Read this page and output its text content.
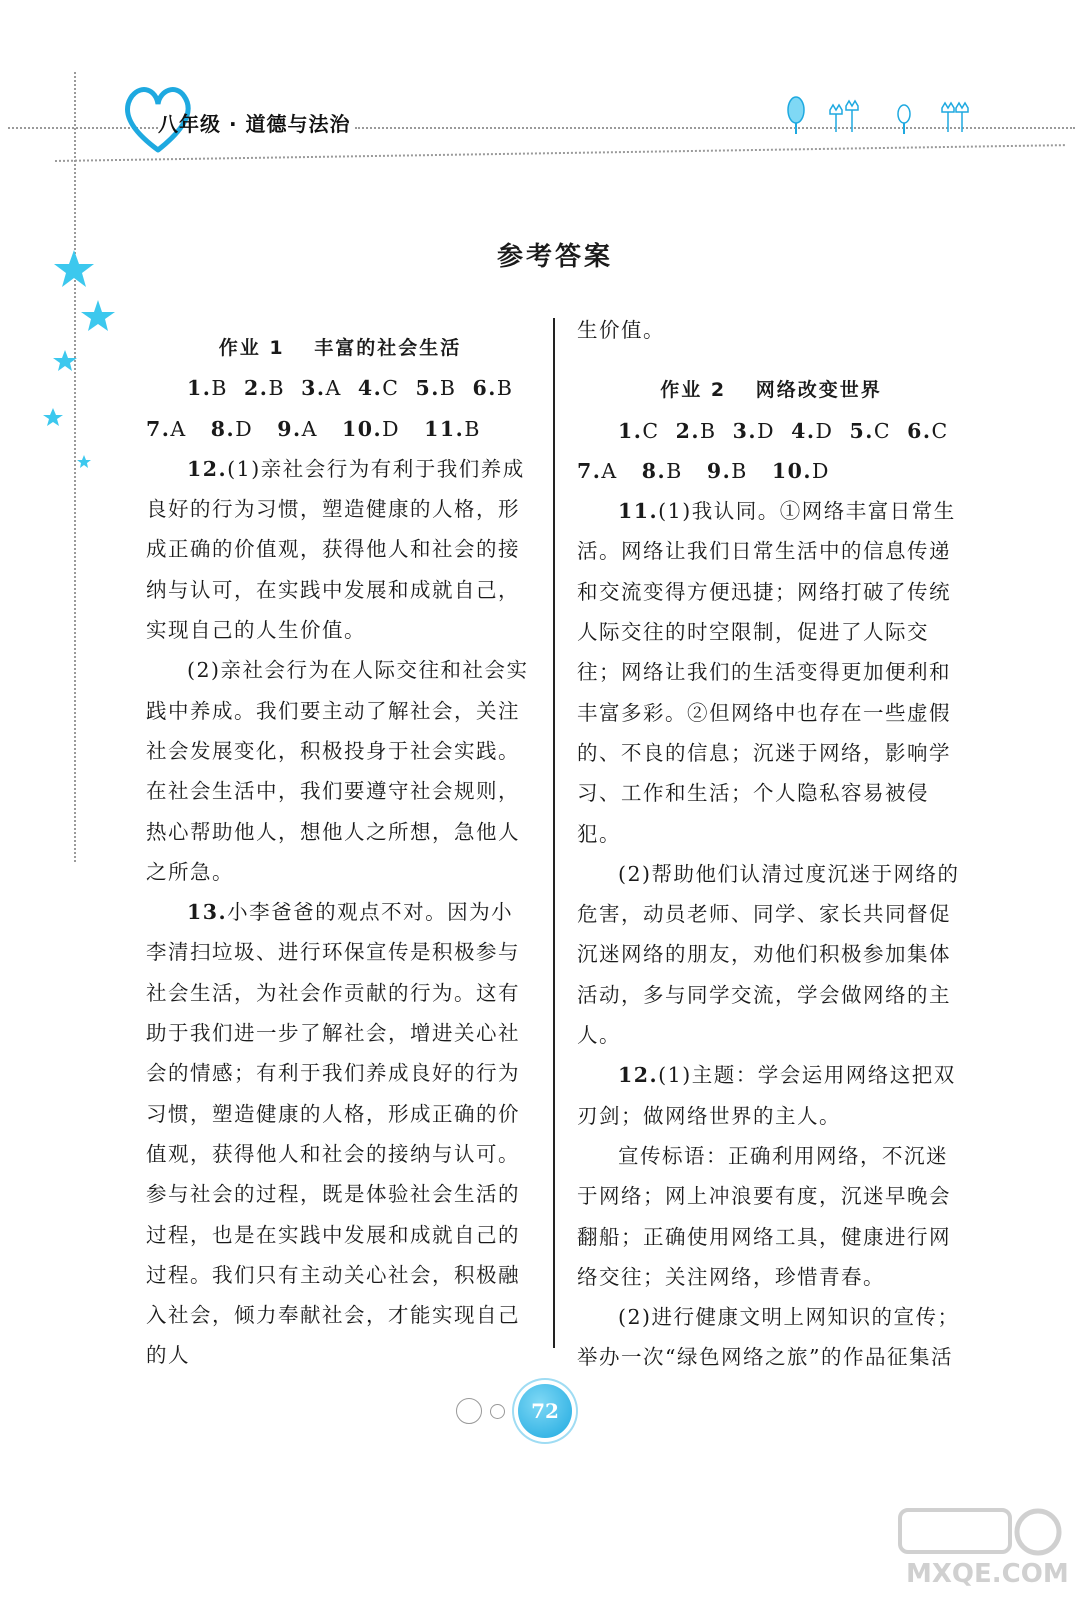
八年级 · 道德与法治
参考答案

作业 1　 丰富的社会生活

1.B 2.B 3.A 4.C 5.B 6.B

7.A 8.D 9.A 10.D 11.B

12.(1)亲社会行为有利于我们养成良好的行为习惯，塑造健康的人格，形成正确的价值观，获得他人和社会的接纳与认可，在实践中发展和成就自己，实现自己的人生价值。

(2)亲社会行为在人际交往和社会实践中养成。我们要主动了解社会，关注社会发展变化，积极投身于社会实践。在社会生活中，我们要遵守社会规则，热心帮助他人，想他人之所想，急他人之所急。

13.小李爸爸的观点不对。因为小李清扫垃圾、进行环保宣传是积极参与社会生活，为社会作贡献的行为。这有助于我们进一步了解社会，增进关心社会的情感；有利于我们养成良好的行为习惯，塑造健康的人格，形成正确的价值观，获得他人和社会的接纳与认可。参与社会的过程，既是体验社会生活的过程，也是在实践中发展和成就自己的过程。我们只有主动关心社会，积极融入社会，倾力奉献社会，才能实现自己的人

生价值。

作业 2　 网络改变世界

1.C 2.B 3.D 4.D 5.C 6.C

7.A 8.B 9.B 10.D

11.(1)我认同。①网络丰富日常生活。网络让我们日常生活中的信息传递和交流变得方便迅捷；网络打破了传统人际交往的时空限制，促进了人际交往；网络让我们的生活变得更加便利和丰富多彩。②但网络中也存在一些虚假的、不良的信息；沉迷于网络，影响学习、工作和生活；个人隐私容易被侵犯。

(2)帮助他们认清过度沉迷于网络的危害，动员老师、同学、家长共同督促沉迷网络的朋友，劝他们积极参加集体活动，多与同学交流，学会做网络的主人。

12.(1)主题：学会运用网络这把双刃剑；做网络世界的主人。

宣传标语：正确利用网络，不沉迷于网络；网上冲浪要有度，沉迷早晚会翻船；正确使用网络工具，健康进行网络交往；关注网络，珍惜青春。

(2)进行健康文明上网知识的宣传；举办一次“绿色网络之旅”的作品征集活

72
MXQE.COM
